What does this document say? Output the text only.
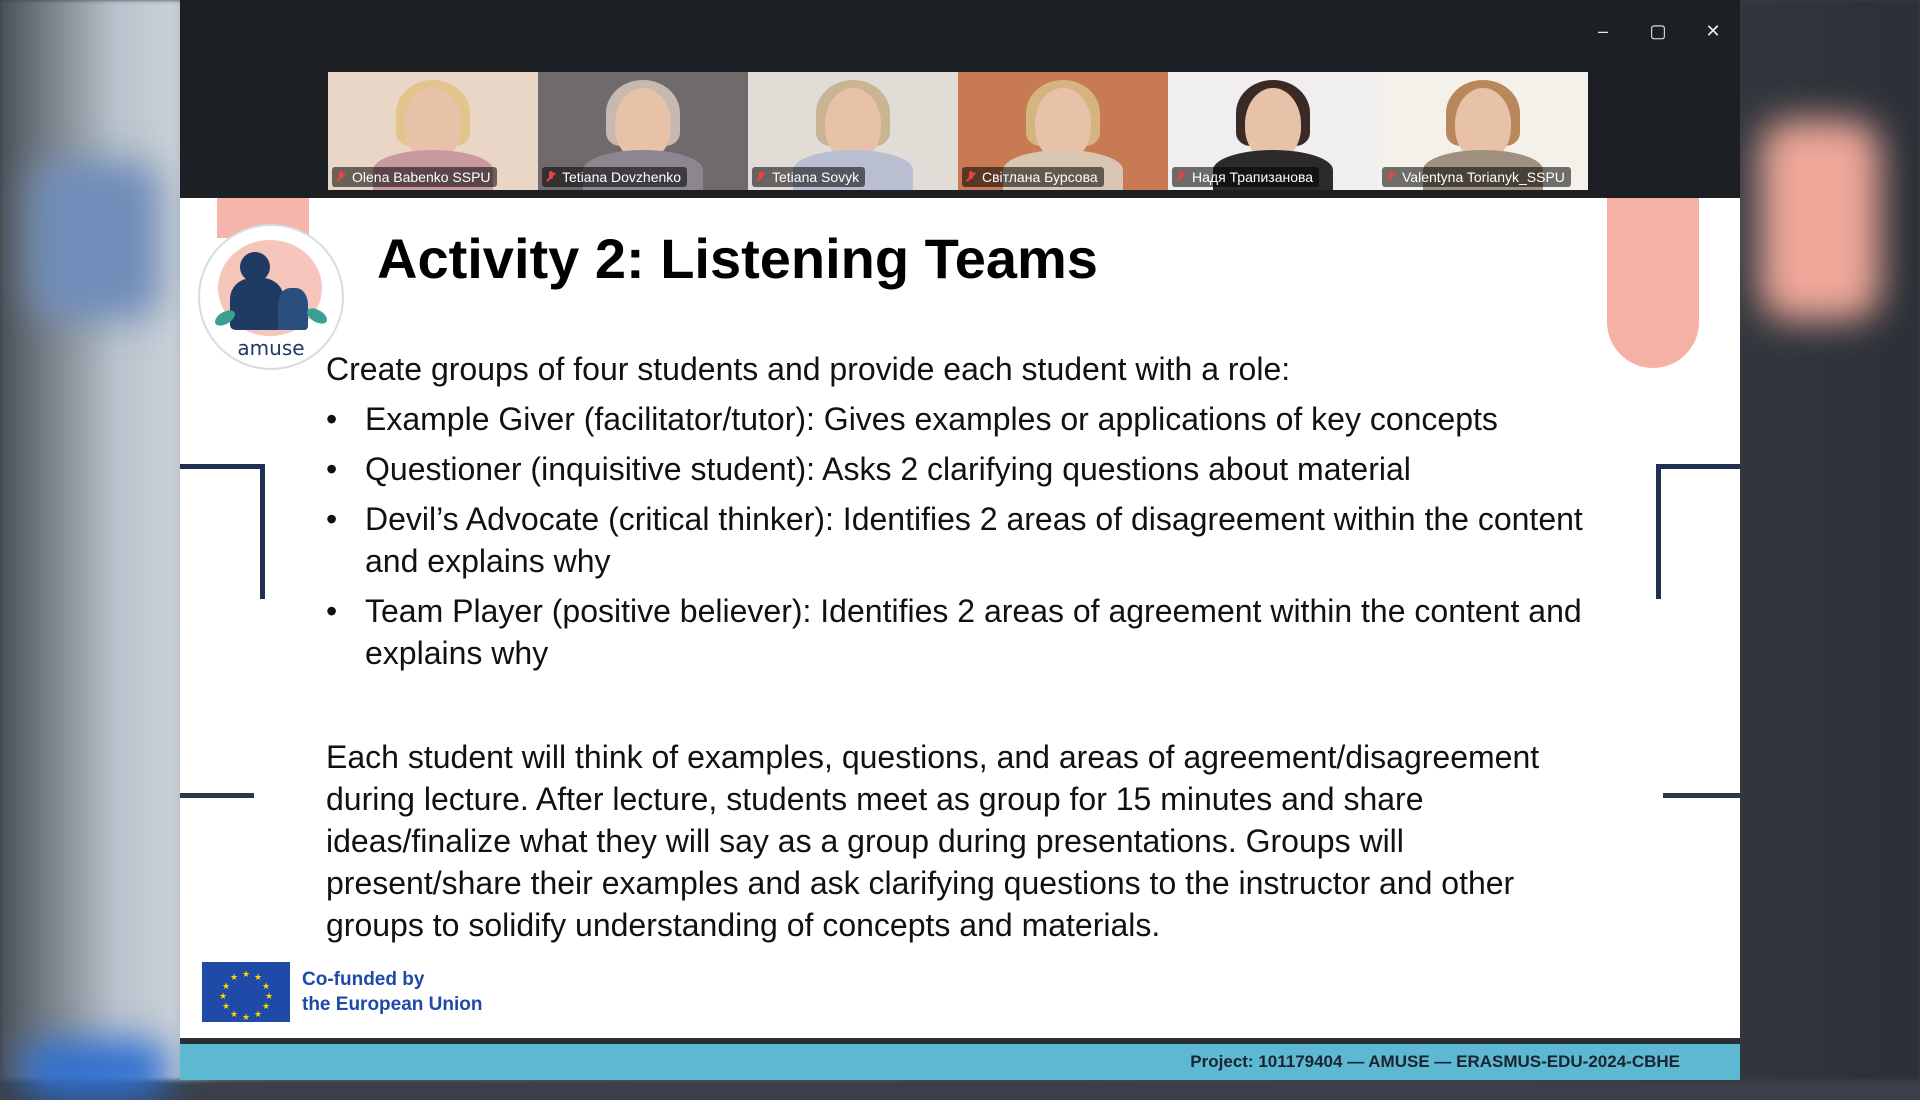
– ▢ ✕
Olena Babenko SSPU	Tetiana Dovzhenko	Tetiana Sovyk	Світлана Бурсова	Надя Трапизанова	Valentyna Torianyk_SSPU
amuse
Activity 2: Listening Teams

Create groups of four students and provide each student with a role:

• Example Giver (facilitator/tutor): Gives examples or applications of key concepts
• Questioner (inquisitive student): Asks 2 clarifying questions about material
• Devil’s Advocate (critical thinker): Identifies 2 areas of disagreement within the content and explains why
• Team Player (positive believer): Identifies 2 areas of agreement within the content and explains why
Each student will think of examples, questions, and areas of agreement/disagreement during lecture. After lecture, students meet as group for 15 minutes and share ideas/finalize what they will say as a group during presentations. Groups will present/share their examples and ask clarifying questions to the instructor and other groups to solidify understanding of concepts and materials.
★ ★
★
★
★
★
★
★
★
★
★
★	Co-funded by
the European Union
Project: 101179404 — AMUSE — ERASMUS-EDU-2024-CBHE
